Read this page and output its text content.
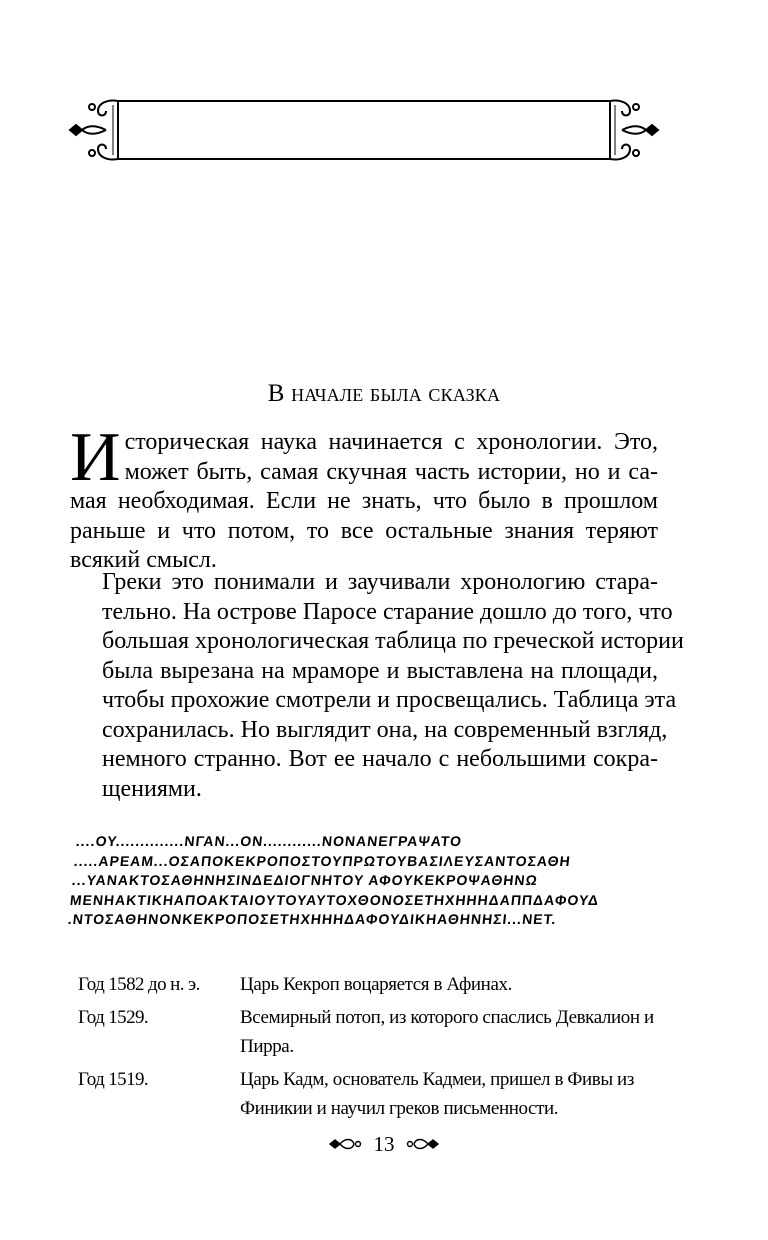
В начале была сказка
И сторическая наука начинается с хронологии. Это,
может быть, самая скучная часть истории, но и са-
мая необходимая. Если не знать, что было в прошлом
раньше и что потом, то все остальные знания теряют
всякий смысл.
Греки это понимали и заучивали хронологию стара-
тельно. На острове Паросе старание дошло до того, что
большая хронологическая таблица по греческой истории
была вырезана на мраморе и выставлена на площади,
чтобы прохожие смотрели и просвещались. Таблица эта
сохранилась. Но выглядит она, на современный взгляд,
немного странно. Вот ее начало с небольшими сокра-
щениями.
....ΟΥ..............ΝΓΑΝ...ΟΝ............ΝΟΝΑΝΕΓΡΑΨΑΤΟ
.....ΑΡΕΑΜ...ΟΣΑΠΟΚΕΚΡΟΠΟΣΤΟΥΠΡΩΤΟΥΒΑΣΙΛΕΥΣΑΝΤΟΣΑΘΗ
...ΥΑΝΑΚΤΟΣΑΘΗΝΗΣΙΝΔΕΔΙΟΓΝΗΤΟΥ ΑΦΟΥΚΕΚΡΟΨΑΘΗΝΩ
ΜΕΝΗΑΚΤΙΚΗΑΠΟΑΚΤΑΙΟΥΤΟΥΑΥΤΟΧΘΟΝΟΣΕΤΗΧΗΗΗΔΑΠΠΔΑΦΟΥΔ
.ΝΤΟΣΑΘΗΝΟΝΚΕΚΡΟΠΟΣΕΤΗΧΗΗΗΔΑΦΟΥΔΙΚΗΑΘΗΝΗΣΙ...ΝΕΤ.
Год 1582 до н. э.	Царь Кекроп воцаряется в Афинах.
Год 1529.	Всемирный потоп, из которого спаслись Девкалион и Пирра.
Год 1519.	Царь Кадм, основатель Кадмеи, пришел в Фивы из Финикии и научил греков письменности.
13
